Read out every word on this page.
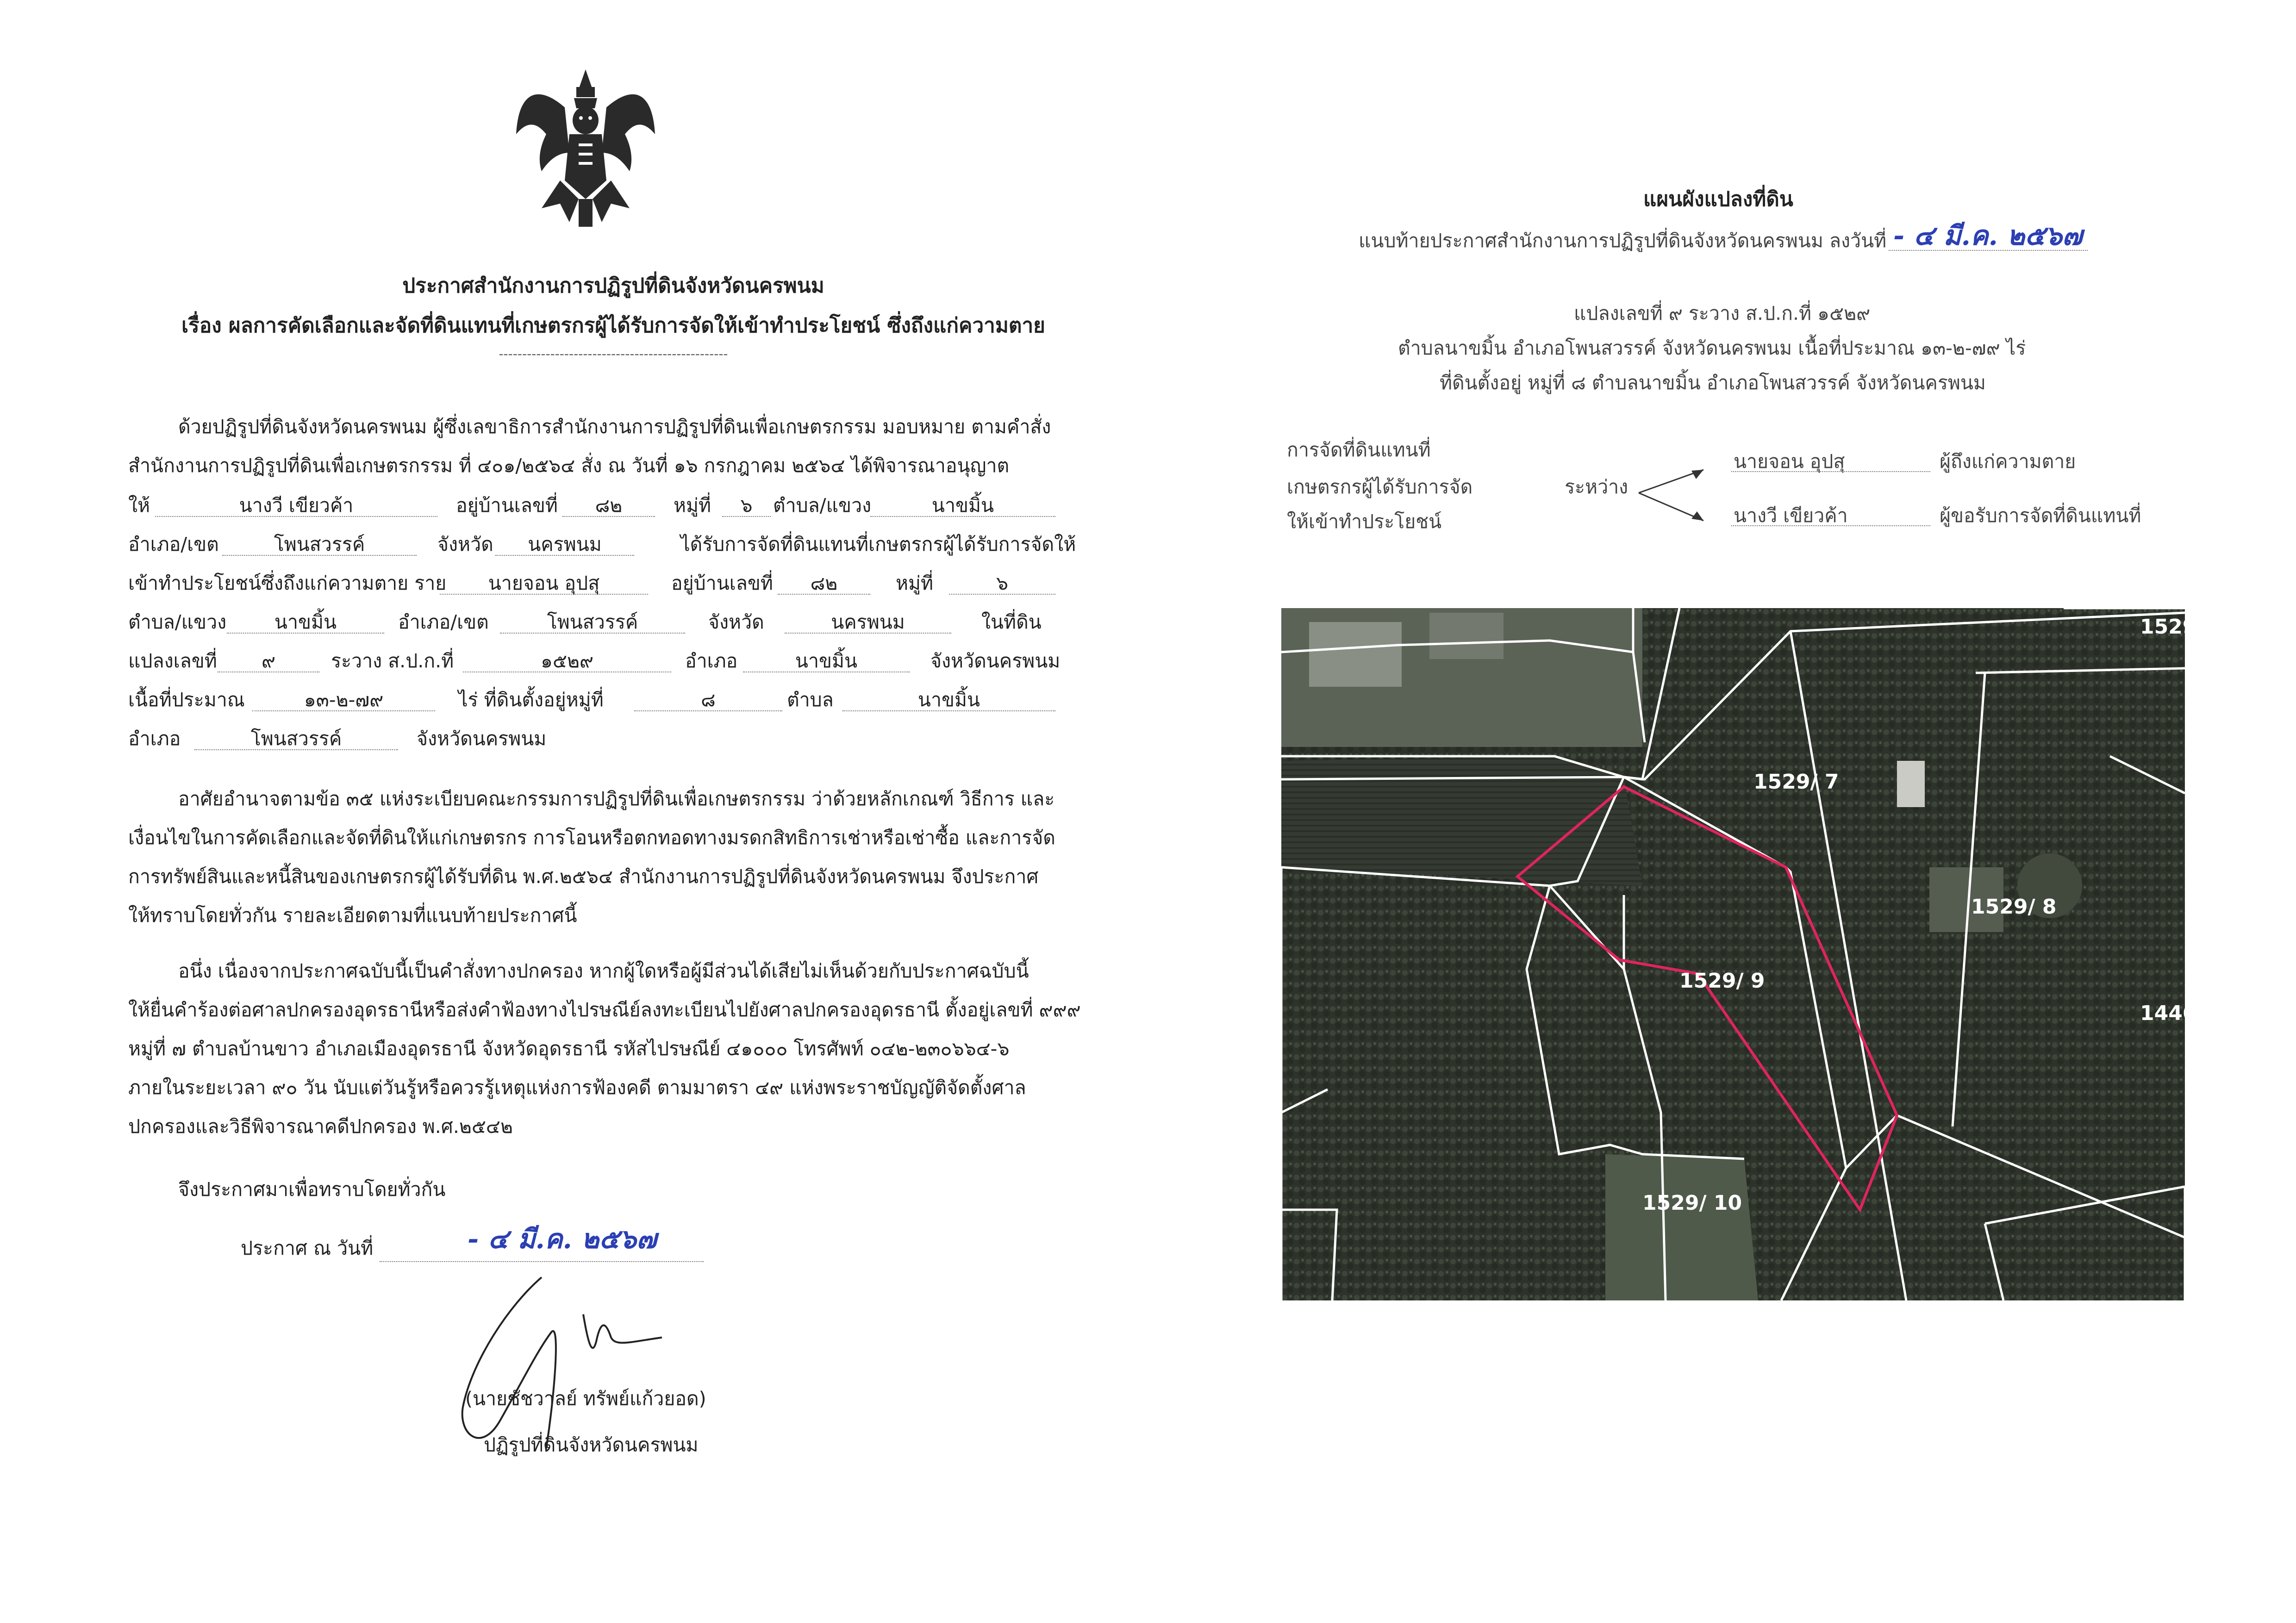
ประกาศสำนักงานการปฏิรูปที่ดินจังหวัดนครพนม
เรื่อง ผลการคัดเลือกและจัดที่ดินแทนที่เกษตรกรผู้ได้รับการจัดให้เข้าทำประโยชน์ ซึ่งถึงแก่ความตาย
-------------------------------------------------
ด้วยปฏิรูปที่ดินจังหวัดนครพนม ผู้ซึ่งเลขาธิการสำนักงานการปฏิรูปที่ดินเพื่อเกษตรกรรม มอบหมาย ตามคำสั่ง
สำนักงานการปฏิรูปที่ดินเพื่อเกษตรกรรม ที่ ๔๐๑/๒๕๖๔ สั่ง ณ วันที่ ๑๖ กรกฎาคม ๒๕๖๔ ได้พิจารณาอนุญาต
ให้	นางวี เขียวค้า	อยู่บ้านเลขที่	๘๒	หมู่ที่	๖	ตำบล/แขวง	นาขมิ้น
อำเภอ/เขต	โพนสวรรค์	จังหวัด	นครพนม	ได้รับการจัดที่ดินแทนที่เกษตรกรผู้ได้รับการจัดให้
เข้าทำประโยชน์ซึ่งถึงแก่ความตาย ราย	นายจอน อุปสุ	อยู่บ้านเลขที่	๘๒	หมู่ที่	๖
ตำบล/แขวง	นาขมิ้น	อำเภอ/เขต	โพนสวรรค์	จังหวัด	นครพนม	ในที่ดิน
แปลงเลขที่	๙	ระวาง ส.ป.ก.ที่	๑๕๒๙	อำเภอ	นาขมิ้น	จังหวัดนครพนม
เนื้อที่ประมาณ	๑๓-๒-๗๙	ไร่ ที่ดินตั้งอยู่หมู่ที่	๘	ตำบล	นาขมิ้น
อำเภอ	โพนสวรรค์	จังหวัดนครพนม
อาศัยอำนาจตามข้อ ๓๕ แห่งระเบียบคณะกรรมการปฏิรูปที่ดินเพื่อเกษตรกรรม ว่าด้วยหลักเกณฑ์ วิธีการ และ
เงื่อนไขในการคัดเลือกและจัดที่ดินให้แก่เกษตรกร การโอนหรือตกทอดทางมรดกสิทธิการเช่าหรือเช่าซื้อ และการจัด
การทรัพย์สินและหนี้สินของเกษตรกรผู้ได้รับที่ดิน พ.ศ.๒๕๖๔ สำนักงานการปฏิรูปที่ดินจังหวัดนครพนม จึงประกาศ
ให้ทราบโดยทั่วกัน รายละเอียดตามที่แนบท้ายประกาศนี้
อนึ่ง เนื่องจากประกาศฉบับนี้เป็นคำสั่งทางปกครอง หากผู้ใดหรือผู้มีส่วนได้เสียไม่เห็นด้วยกับประกาศฉบับนี้
ให้ยื่นคำร้องต่อศาลปกครองอุดรธานีหรือส่งคำฟ้องทางไปรษณีย์ลงทะเบียนไปยังศาลปกครองอุดรธานี ตั้งอยู่เลขที่ ๙๙๙
หมู่ที่ ๗ ตำบลบ้านขาว อำเภอเมืองอุดรธานี จังหวัดอุดรธานี รหัสไปรษณีย์ ๔๑๐๐๐ โทรศัพท์ ๐๔๒-๒๓๐๖๖๔-๖
ภายในระยะเวลา ๙๐ วัน นับแต่วันรู้หรือควรรู้เหตุแห่งการฟ้องคดี ตามมาตรา ๔๙ แห่งพระราชบัญญัติจัดตั้งศาล
ปกครองและวิธีพิจารณาคดีปกครอง พ.ศ.๒๕๔๒
จึงประกาศมาเพื่อทราบโดยทั่วกัน
ประกาศ ณ วันที่	- ๔ มี.ค. ๒๕๖๗
(นายชัชวาลย์ ทรัพย์แก้วยอด)
ปฏิรูปที่ดินจังหวัดนครพนม
แผนผังแปลงที่ดิน
แนบท้ายประกาศสำนักงานการปฏิรูปที่ดินจังหวัดนครพนม ลงวันที่ - ๔ มี.ค. ๒๕๖๗
แปลงเลขที่ ๙ ระวาง ส.ป.ก.ที่ ๑๕๒๙
ตำบลนาขมิ้น อำเภอโพนสวรรค์ จังหวัดนครพนม เนื้อที่ประมาณ ๑๓-๒-๗๙ ไร่
ที่ดินตั้งอยู่ หมู่ที่ ๘ ตำบลนาขมิ้น อำเภอโพนสวรรค์ จังหวัดนครพนม
การจัดที่ดินแทนที่
เกษตรกรผู้ได้รับการจัด
ให้เข้าทำประโยชน์
ระหว่าง
นายจอน อุปสุ	ผู้ถึงแก่ความตาย
นางวี เขียวค้า	ผู้ขอรับการจัดที่ดินแทนที่
1529/ 7
1529/ 8
1529/ 9
1529/ 10
1529
1446
